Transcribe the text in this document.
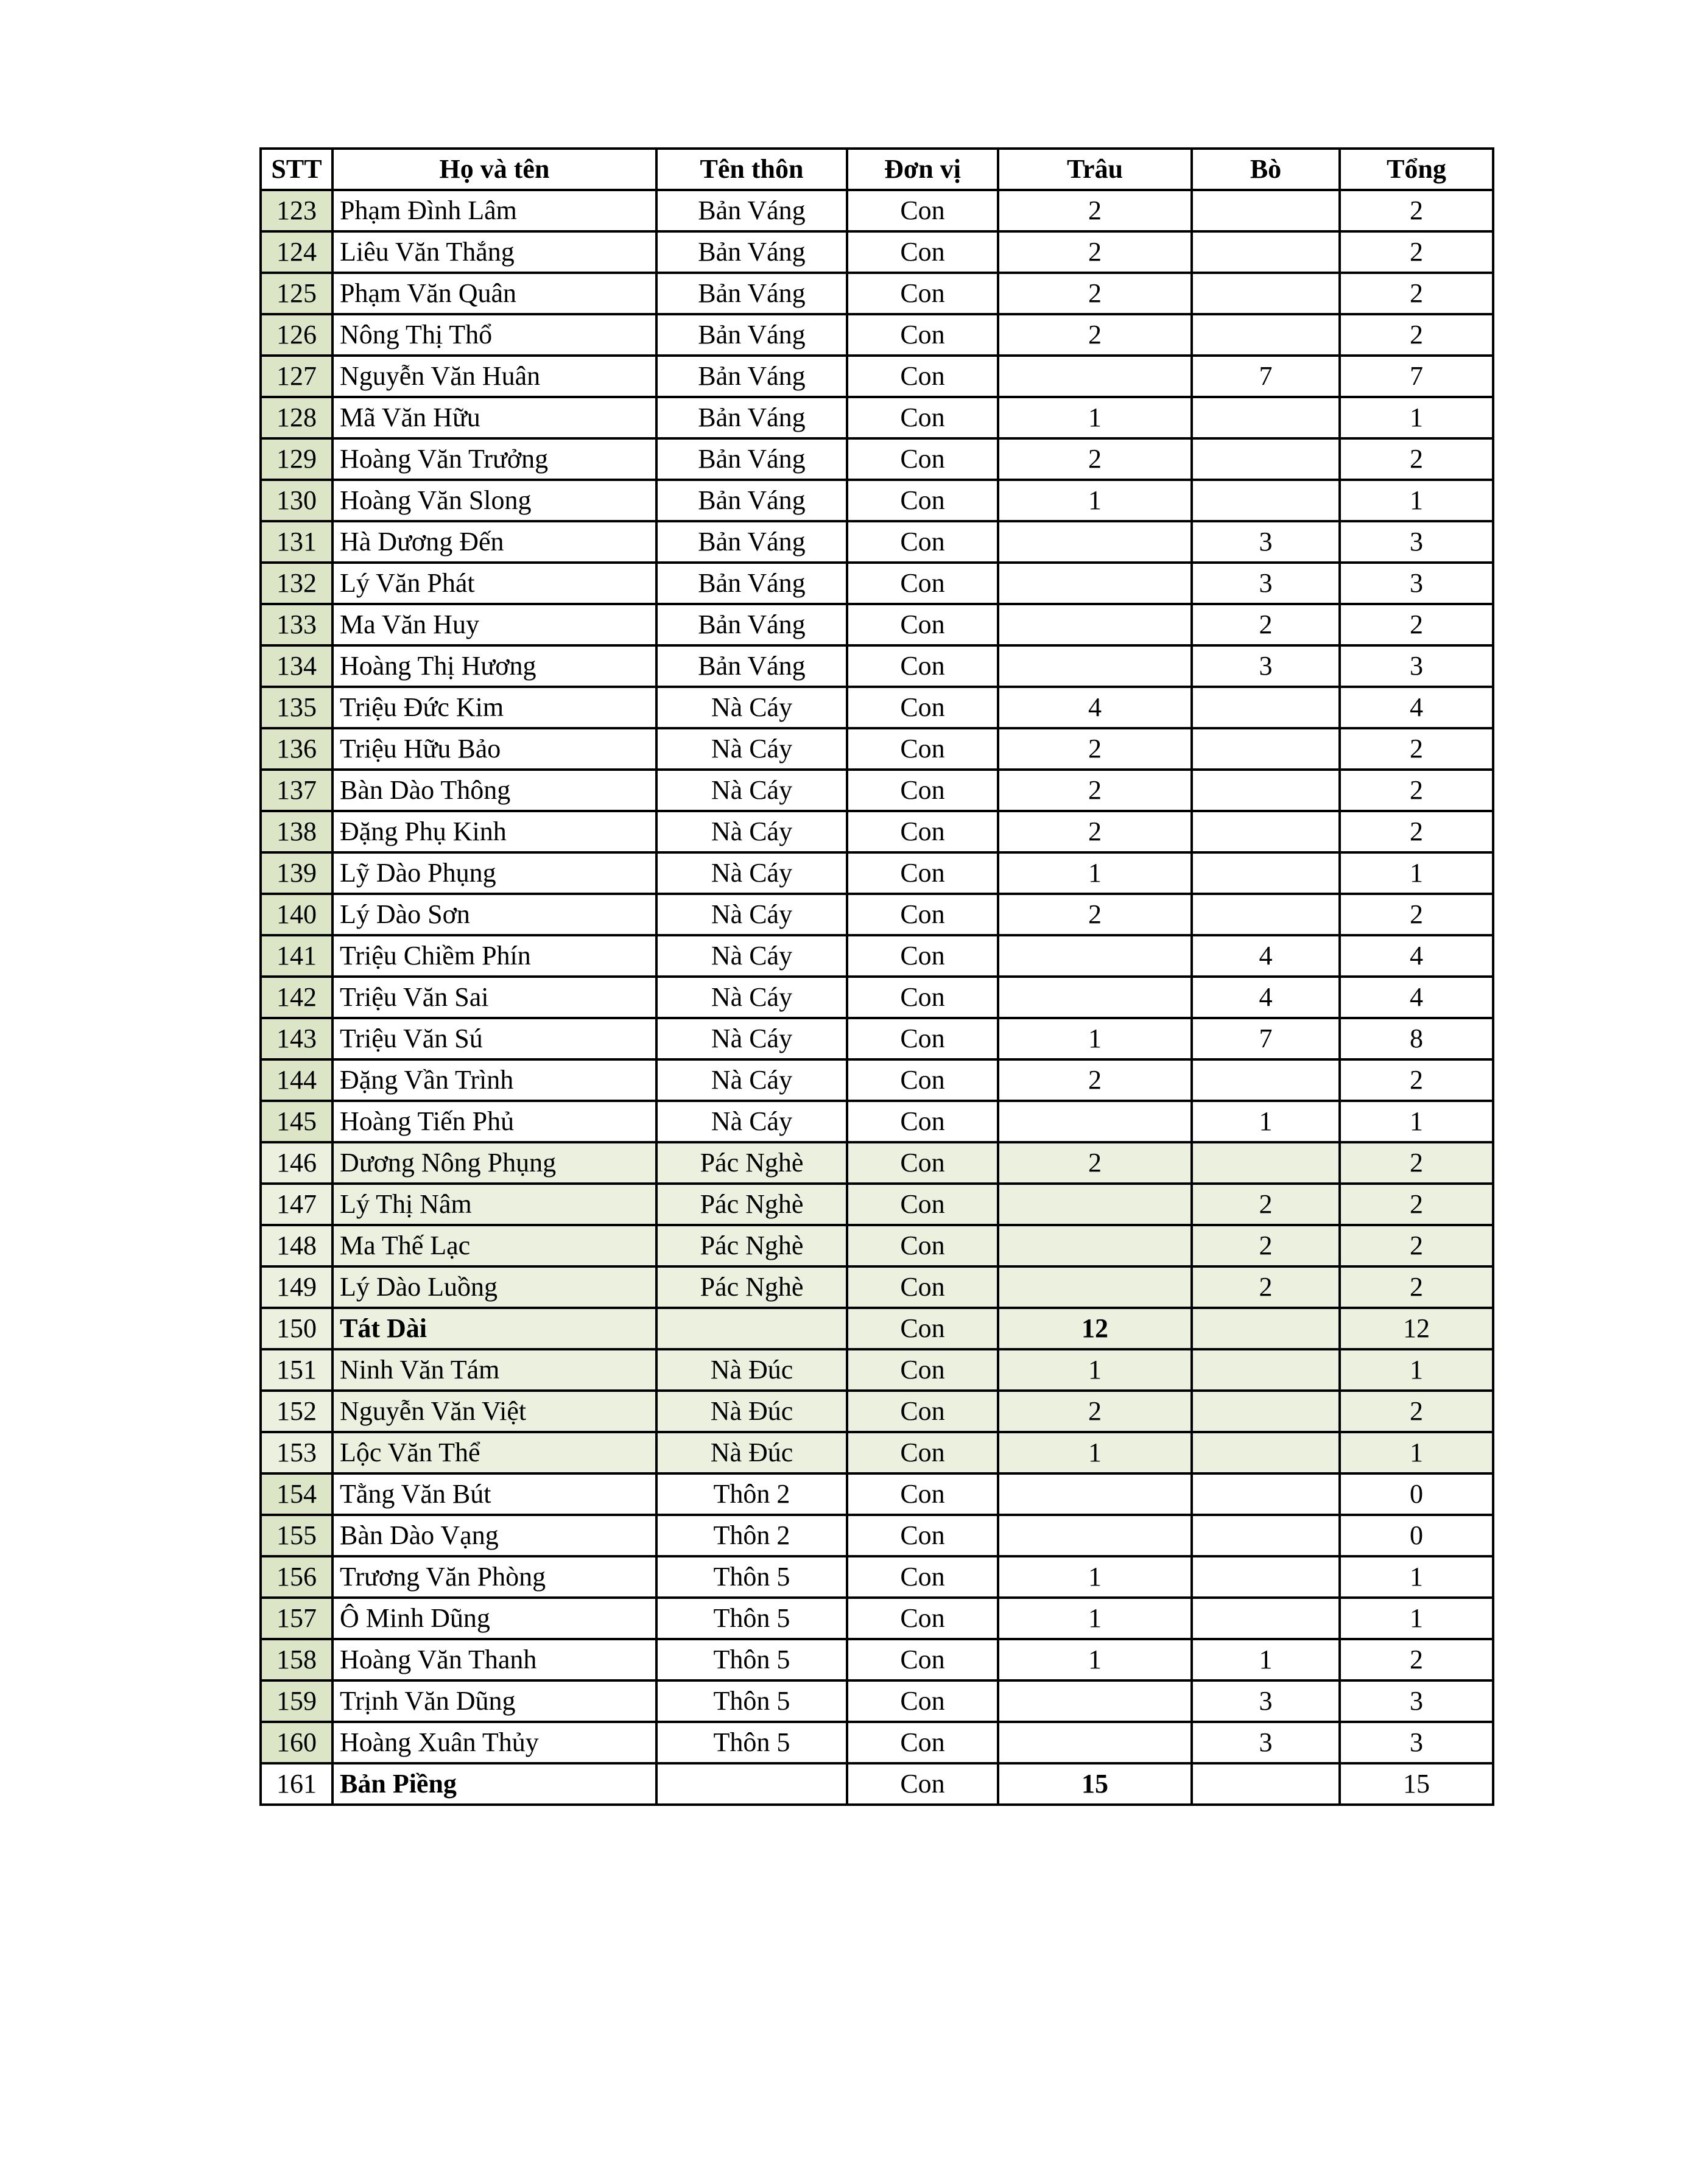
STT	Họ và tên	Tên thôn	Đơn vị	Trâu	Bò	Tổng
123	Phạm Đình Lâm	Bản Váng	Con	2		2
124	Liêu Văn Thắng	Bản Váng	Con	2		2
125	Phạm Văn Quân	Bản Váng	Con	2		2
126	Nông Thị Thổ	Bản Váng	Con	2		2
127	Nguyễn Văn Huân	Bản Váng	Con		7	7
128	Mã Văn Hữu	Bản Váng	Con	1		1
129	Hoàng Văn Trưởng	Bản Váng	Con	2		2
130	Hoàng Văn Slong	Bản Váng	Con	1		1
131	Hà Dương Đến	Bản Váng	Con		3	3
132	Lý Văn Phát	Bản Váng	Con		3	3
133	Ma Văn Huy	Bản Váng	Con		2	2
134	Hoàng Thị Hương	Bản Váng	Con		3	3
135	Triệu Đức Kim	Nà Cáy	Con	4		4
136	Triệu Hữu Bảo	Nà Cáy	Con	2		2
137	Bàn Dào Thông	Nà Cáy	Con	2		2
138	Đặng Phụ Kinh	Nà Cáy	Con	2		2
139	Lỹ Dào Phụng	Nà Cáy	Con	1		1
140	Lý Dào Sơn	Nà Cáy	Con	2		2
141	Triệu Chiềm Phín	Nà Cáy	Con		4	4
142	Triệu Văn Sai	Nà Cáy	Con		4	4
143	Triệu Văn Sú	Nà Cáy	Con	1	7	8
144	Đặng Vần Trình	Nà Cáy	Con	2		2
145	Hoàng Tiến Phủ	Nà Cáy	Con		1	1
146	Dương Nông Phụng	Pác Nghè	Con	2		2
147	Lý Thị Nâm	Pác Nghè	Con		2	2
148	Ma Thế Lạc	Pác Nghè	Con		2	2
149	Lý Dào Luồng	Pác Nghè	Con		2	2
150	Tát Dài		Con	12		12
151	Ninh Văn Tám	Nà Đúc	Con	1		1
152	Nguyễn Văn Việt	Nà Đúc	Con	2		2
153	Lộc Văn Thể	Nà Đúc	Con	1		1
154	Tằng Văn Bút	Thôn 2	Con			0
155	Bàn Dào Vạng	Thôn 2	Con			0
156	Trương Văn Phòng	Thôn 5	Con	1		1
157	Ô Minh Dũng	Thôn 5	Con	1		1
158	Hoàng Văn Thanh	Thôn 5	Con	1	1	2
159	Trịnh Văn Dũng	Thôn 5	Con		3	3
160	Hoàng Xuân Thủy	Thôn 5	Con		3	3
161	Bản Piềng		Con	15		15
